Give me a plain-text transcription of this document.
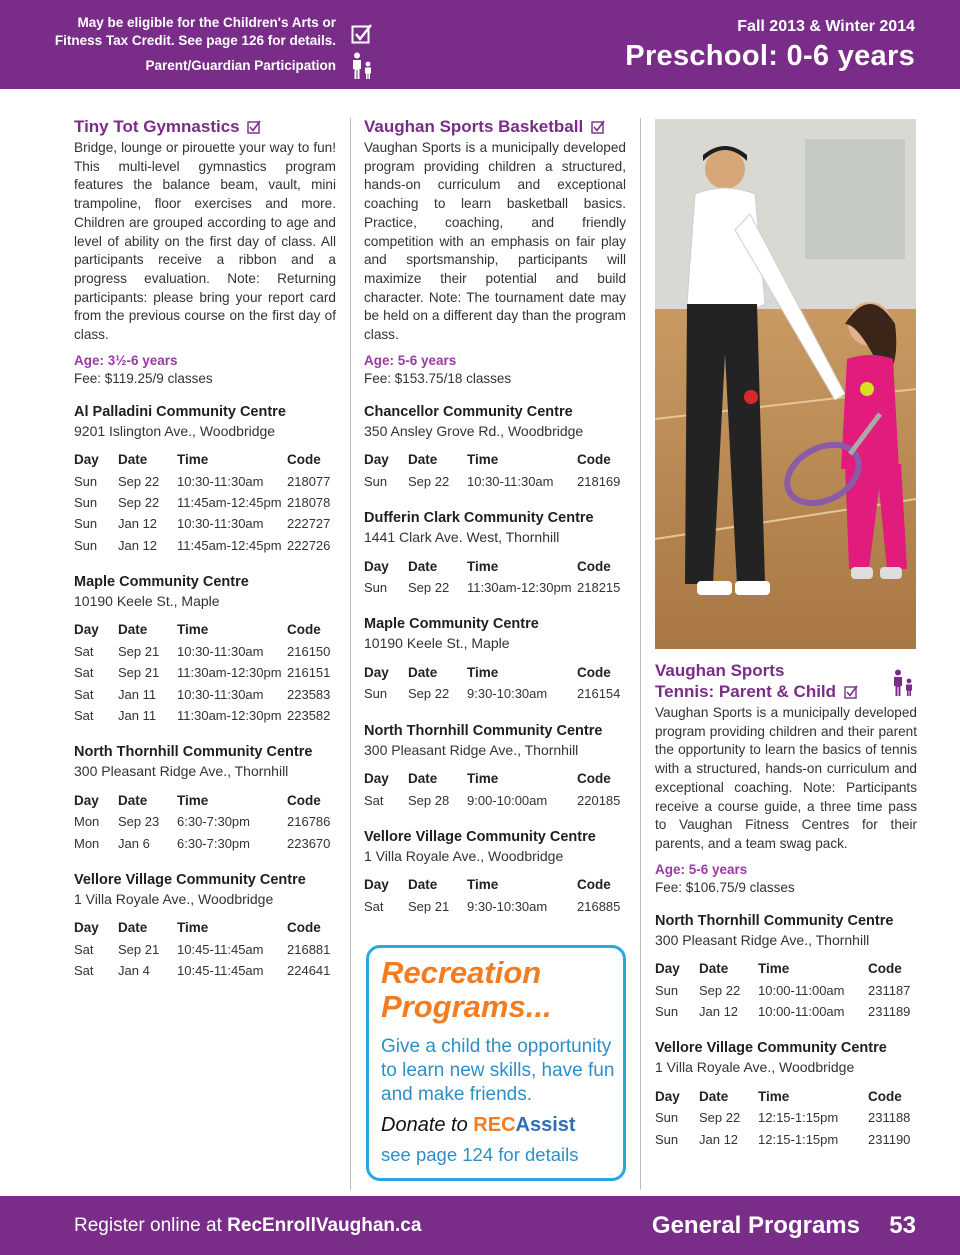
May be eligible for the Children's Arts or
Fitness Tax Credit. See page 126 for details.
Parent/Guardian Participation
Fall 2013 & Winter 2014
Preschool: 0-6 years
Tiny Tot Gymnastics
Bridge, lounge or pirouette your way to fun! This multi-level gymnastics program features the balance beam, vault, mini trampoline, floor exercises and more. Children are grouped according to age and level of ability on the first day of class. All participants receive a ribbon and a progress evaluation. Note: Returning participants: please bring your report card from the previous course on the first day of class.
Age: 3½-6 years
Fee: $119.25/9 classes
Al Palladini Community Centre
9201 Islington Ave., Woodbridge
Day	Date	Time	Code
Sun	Sep 22	10:30-11:30am	218077
Sun	Sep 22	11:45am-12:45pm	218078
Sun	Jan 12	10:30-11:30am	222727
Sun	Jan 12	11:45am-12:45pm	222726
Maple Community Centre
10190 Keele St., Maple
Day	Date	Time	Code
Sat	Sep 21	10:30-11:30am	216150
Sat	Sep 21	11:30am-12:30pm	216151
Sat	Jan 11	10:30-11:30am	223583
Sat	Jan 11	11:30am-12:30pm	223582
North Thornhill Community Centre
300 Pleasant Ridge Ave., Thornhill
Day	Date	Time	Code
Mon	Sep 23	6:30-7:30pm	216786
Mon	Jan 6	6:30-7:30pm	223670
Vellore Village Community Centre
1 Villa Royale Ave., Woodbridge
Day	Date	Time	Code
Sat	Sep 21	10:45-11:45am	216881
Sat	Jan 4	10:45-11:45am	224641
Vaughan Sports Basketball
Vaughan Sports is a municipally developed program providing children a structured, hands-on curriculum and exceptional coaching to learn basketball basics. Practice, coaching, and friendly competition with an emphasis on fair play and sportsmanship, participants will maximize their potential and build character. Note: The tournament date may be held on a different day than the program class.
Age: 5-6 years
Fee: $153.75/18 classes
Chancellor Community Centre
350 Ansley Grove Rd., Woodbridge
Day	Date	Time	Code
Sun	Sep 22	10:30-11:30am	218169
Dufferin Clark Community Centre
1441 Clark Ave. West, Thornhill
Day	Date	Time	Code
Sun	Sep 22	11:30am-12:30pm	218215
Maple Community Centre
10190 Keele St., Maple
Day	Date	Time	Code
Sun	Sep 22	9:30-10:30am	216154
North Thornhill Community Centre
300 Pleasant Ridge Ave., Thornhill
Day	Date	Time	Code
Sat	Sep 28	9:00-10:00am	220185
Vellore Village Community Centre
1 Villa Royale Ave., Woodbridge
Day	Date	Time	Code
Sat	Sep 21	9:30-10:30am	216885
Vaughan Sports
Tennis: Parent & Child
Vaughan Sports is a municipally developed program providing children and their parent the opportunity to learn the basics of tennis with a structured, hands-on curriculum and exceptional coaching. Note: Participants receive a course guide, a three time pass to Vaughan Fitness Centres for their parents, and a team swag pack.
Age: 5-6 years
Fee: $106.75/9 classes
North Thornhill Community Centre
300 Pleasant Ridge Ave., Thornhill
Day	Date	Time	Code
Sun	Sep 22	10:00-11:00am	231187
Sun	Jan 12	10:00-11:00am	231189
Vellore Village Community Centre
1 Villa Royale Ave., Woodbridge
Day	Date	Time	Code
Sun	Sep 22	12:15-1:15pm	231188
Sun	Jan 12	12:15-1:15pm	231190
Recreation
Programs...
Give a child the opportunity to learn new skills, have fun and make friends.
Donate to RECAssist
see page 124 for details
Register online at RecEnrollVaughan.ca	General Programs 53
